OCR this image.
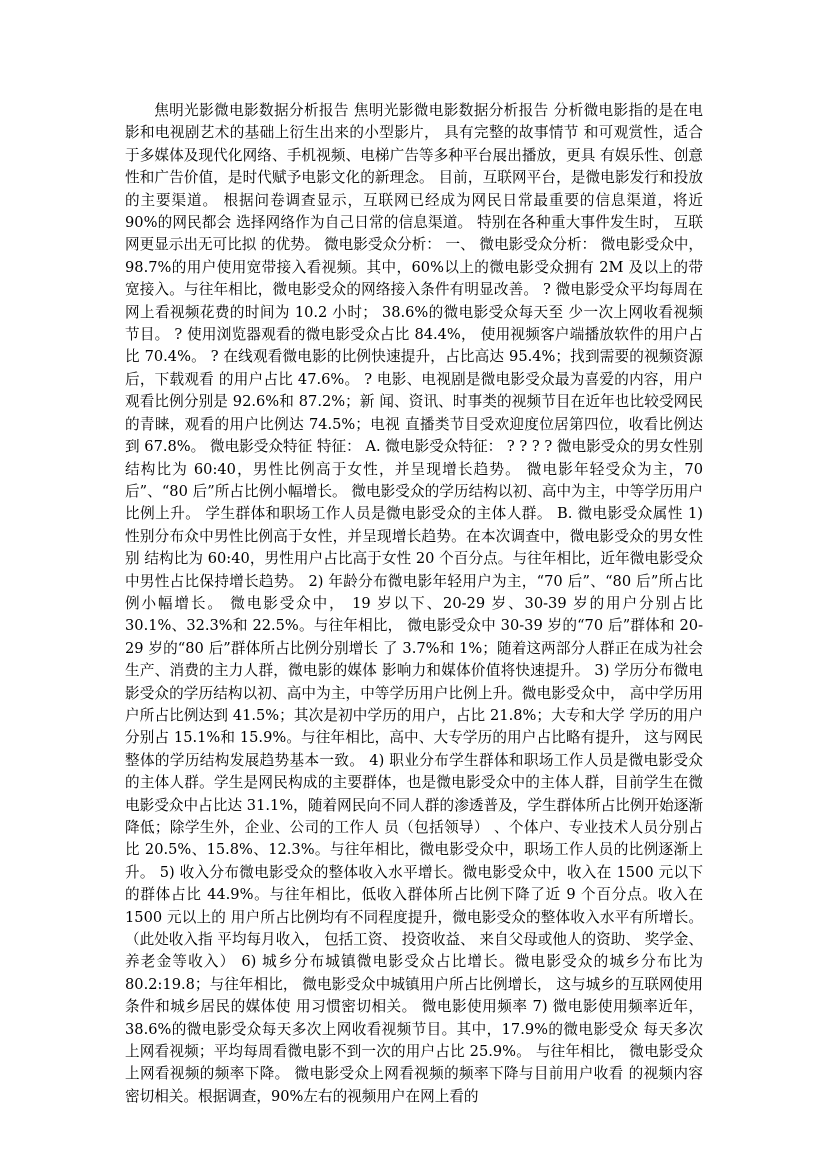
焦明光影微电影数据分析报告 焦明光影微电影数据分析报告 分析微电影指的是在电影和电视剧艺术的基础上衍生出来的小型影片， 具有完整的故事情节 和可观赏性，适合于多媒体及现代化网络、手机视频、电梯广告等多种平台展出播放，更具 有娱乐性、创意性和广告价值，是时代赋予电影文化的新理念。 目前，互联网平台，是微电影发行和投放的主要渠道。 根据问卷调查显示，互联网已经成为网民日常最重要的信息渠道，将近 90%的网民都会 选择网络作为自己日常的信息渠道。 特别在各种重大事件发生时， 互联网更显示出无可比拟 的优势。 微电影受众分析： 一、 微电影受众分析： 微电影受众中，98.7%的用户使用宽带接入看视频。其中，60%以上的微电影受众拥有 2M 及以上的带宽接入。与往年相比，微电影受众的网络接入条件有明显改善。 ? 微电影受众平均每周在网上看视频花费的时间为 10.2 小时； 38.6%的微电影受众每天至 少一次上网收看视频节目。 ? 使用浏览器观看的微电影受众占比 84.4%， 使用视频客户端播放软件的用户占比 70.4%。 ? 在线观看微电影的比例快速提升，占比高达 95.4%；找到需要的视频资源后，下载观看 的用户占比 47.6%。 ? 电影、电视剧是微电影受众最为喜爱的内容，用户观看比例分别是 92.6%和 87.2%；新 闻、资讯、时事类的视频节目在近年也比较受网民的青睐，观看的用户比例达 74.5%；电视 直播类节目受欢迎度位居第四位，收看比例达到 67.8%。 微电影受众特征 特征： A. 微电影受众特征： ? ? ? ? 微电影受众的男女性别结构比为 60:40，男性比例高于女性，并呈现增长趋势。 微电影年轻受众为主，70 后”、“80 后”所占比例小幅增长。 微电影受众的学历结构以初、高中为主，中等学历用户比例上升。 学生群体和职场工作人员是微电影受众的主体人群。 B. 微电影受众属性 1) 性别分布众中男性比例高于女性，并呈现增长趋势。在本次调查中，微电影受众的男女性别 结构比为 60:40，男性用户占比高于女性 20 个百分点。与往年相比，近年微电影受众 中男性占比保持增长趋势。 2) 年龄分布微电影年轻用户为主，“70 后”、“80 后”所占比例小幅增长。 微电影受众中， 19 岁以下、20-29 岁、30-39 岁的用户分别占比 30.1%、32.3%和 22.5%。与往年相比， 微电影受众中 30-39 岁的“70 后”群体和 20-29 岁的“80 后”群体所占比例分别增长 了 3.7%和 1%；随着这两部分人群正在成为社会生产、消费的主力人群，微电影的媒体 影响力和媒体价值将快速提升。 3) 学历分布微电影受众的学历结构以初、高中为主，中等学历用户比例上升。微电影受众中， 高中学历用户所占比例达到 41.5%；其次是初中学历的用户，占比 21.8%；大专和大学 学历的用户分别占 15.1%和 15.9%。与往年相比，高中、大专学历的用户占比略有提升， 这与网民整体的学历结构发展趋势基本一致。 4) 职业分布学生群体和职场工作人员是微电影受众的主体人群。学生是网民构成的主要群体，也是微电影受众中的主体人群，目前学生在微电影受众中占比达 31.1%，随着网民向不同人群的渗透普及，学生群体所占比例开始逐渐降低；除学生外，企业、公司的工作人 员（包括领导） 、个体户、专业技术人员分别占比 20.5%、15.8%、12.3%。与往年相比，微电影受众中，职场工作人员的比例逐渐上升。 5) 收入分布微电影受众的整体收入水平增长。微电影受众中，收入在 1500 元以下的群体占比 44.9%。与往年相比，低收入群体所占比例下降了近 9 个百分点。收入在 1500 元以上的 用户所占比例均有不同程度提升，微电影受众的整体收入水平有所增长。 （此处收入指 平均每月收入， 包括工资、 投资收益、 来自父母或他人的资助、 奖学金、养老金等收入） 6) 城乡分布城镇微电影受众占比增长。微电影受众的城乡分布比为 80.2:19.8；与往年相比， 微电影受众中城镇用户所占比例增长， 这与城乡的互联网使用条件和城乡居民的媒体使 用习惯密切相关。 微电影使用频率 7) 微电影使用频率近年，38.6%的微电影受众每天多次上网收看视频节目。其中，17.9%的微电影受众 每天多次上网看视频；平均每周看微电影不到一次的用户占比 25.9%。 与往年相比， 微电影受众上网看视频的频率下降。 微电影受众上网看视频的频率下降与目前用户收看 的视频内容密切相关。根据调查，90%左右的视频用户在网上看的
